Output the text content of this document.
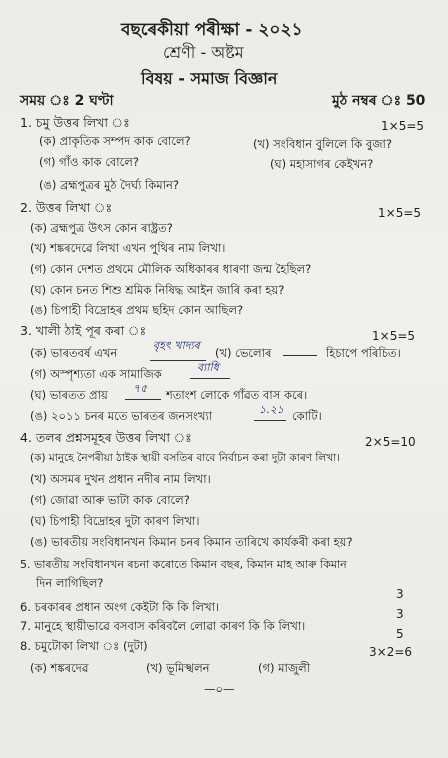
বছৰেকীয়া পৰীক্ষা - ২০২১
শ্ৰেণী - অষ্টম
বিষয় - সমাজ বিজ্ঞান
সময় ঃ 2 ঘণ্টা	মুঠ নম্বৰ ঃ 50
1. চমু উত্তৰ লিখা ঃ	1×5=5
(ক) প্ৰাকৃতিক সম্পদ কাক বোলে?	(খ) সংবিধান বুলিলে কি বুজা?
(গ) গাঁও কাক বোলে?	(ঘ) মহাসাগৰ কেইখন?
(ঙ) ব্ৰহ্মপুত্ৰৰ মুঠ দৈৰ্ঘ্য কিমান?
2. উত্তৰ লিখা ঃ	1×5=5
(ক) ব্ৰহ্মপুত্ৰ উৎস কোন ৰাষ্ট্ৰত?
(খ) শঙ্কৰদেৱে লিখা এখন পুথিৰ নাম লিখা।
(গ) কোন দেশত প্ৰথমে মৌলিক অধিকাৰৰ ধাৰণা জন্ম হৈছিল?
(ঘ) কোন চনত শিশু শ্ৰমিক নিষিদ্ধ আইন জাৰি কৰা হয়?
(ঙ) চিপাহী বিদ্ৰোহৰ প্ৰথম ছহিদ কোন আছিল?
3. খালী ঠাই পূৰ কৰা ঃ	1×5=5
(ক) ভাৰতবৰ্ষ এখন
বৃহৎ খাদ্যৰ
(খ) ভেলোৰ	হিচাপে পৰিচিত।
(গ) অস্পৃশ্যতা এক সামাজিক	ব্যাধি
(ঘ) ভাৰতত প্ৰায় ৭৫ শতাংশ লোকে গাঁৱত বাস কৰে।
(ঙ) ২০১১ চনৰ মতে ভাৰতৰ জনসংখ্যা	১.২১ কোটি।
4. তলৰ প্ৰশ্নসমূহৰ উত্তৰ লিখা ঃ	2×5=10
(ক) মানুহে নৈপৰীয়া ঠাইক স্থায়ী বসতিৰ বাবে নিৰ্বাচন কৰা দুটা কাৰণ লিখা।
(খ) অসমৰ দুখন প্ৰধান নদীৰ নাম লিখা।
(গ) জোৱা আৰু ভাটা কাক বোলে?
(ঘ) চিপাহী বিদ্ৰোহৰ দুটা কাৰণ লিখা।
(ঙ) ভাৰতীয় সংবিধানখন কিমান চনৰ কিমান তাৰিখে কাৰ্যকৰী কৰা হয়?
5. ভাৰতীয় সংবিধানখন ৰচনা কৰোতে কিমান বছৰ, কিমান মাহ আৰু কিমান
দিন লাগিছিল?
3
6. চৰকাৰৰ প্ৰধান অংগ কেইটা কি কি লিখা।	3
7. মানুহে স্থায়ীভাৱে বসবাস কৰিবলৈ লোৱা কাৰণ কি কি লিখা।
5
8. চমুটোকা লিখা ঃ (দুটা)	3×2=6
(ক) শঙ্কৰদেৱ	(খ) ভূমিস্খলন	(গ) মাজুলী
—০—
